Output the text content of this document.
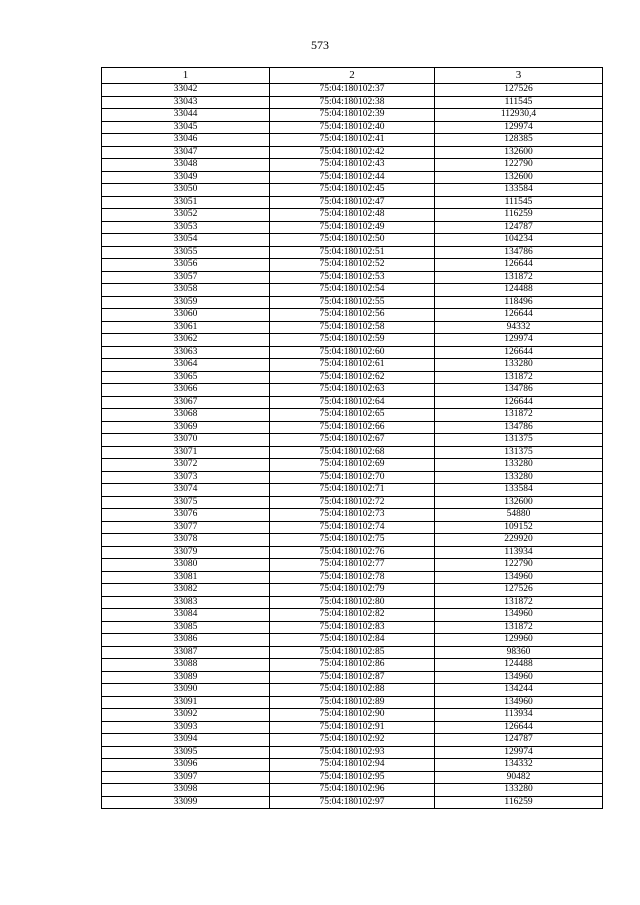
573
1	2	3
33042	75:04:180102:37	127526
33043	75:04:180102:38	111545
33044	75:04:180102:39	112930,4
33045	75:04:180102:40	129974
33046	75:04:180102:41	128385
33047	75:04:180102:42	132600
33048	75:04:180102:43	122790
33049	75:04:180102:44	132600
33050	75:04:180102:45	133584
33051	75:04:180102:47	111545
33052	75:04:180102:48	116259
33053	75:04:180102:49	124787
33054	75:04:180102:50	104234
33055	75:04:180102:51	134786
33056	75:04:180102:52	126644
33057	75:04:180102:53	131872
33058	75:04:180102:54	124488
33059	75:04:180102:55	118496
33060	75:04:180102:56	126644
33061	75:04:180102:58	94332
33062	75:04:180102:59	129974
33063	75:04:180102:60	126644
33064	75:04:180102:61	133280
33065	75:04:180102:62	131872
33066	75:04:180102:63	134786
33067	75:04:180102:64	126644
33068	75:04:180102:65	131872
33069	75:04:180102:66	134786
33070	75:04:180102:67	131375
33071	75:04:180102:68	131375
33072	75:04:180102:69	133280
33073	75:04:180102:70	133280
33074	75:04:180102:71	133584
33075	75:04:180102:72	132600
33076	75:04:180102:73	54880
33077	75:04:180102:74	109152
33078	75:04:180102:75	229920
33079	75:04:180102:76	113934
33080	75:04:180102:77	122790
33081	75:04:180102:78	134960
33082	75:04:180102:79	127526
33083	75:04:180102:80	131872
33084	75:04:180102:82	134960
33085	75:04:180102:83	131872
33086	75:04:180102:84	129960
33087	75:04:180102:85	98360
33088	75:04:180102:86	124488
33089	75:04:180102:87	134960
33090	75:04:180102:88	134244
33091	75:04:180102:89	134960
33092	75:04:180102:90	113934
33093	75:04:180102:91	126644
33094	75:04:180102:92	124787
33095	75:04:180102:93	129974
33096	75:04:180102:94	134332
33097	75:04:180102:95	90482
33098	75:04:180102:96	133280
33099	75:04:180102:97	116259
